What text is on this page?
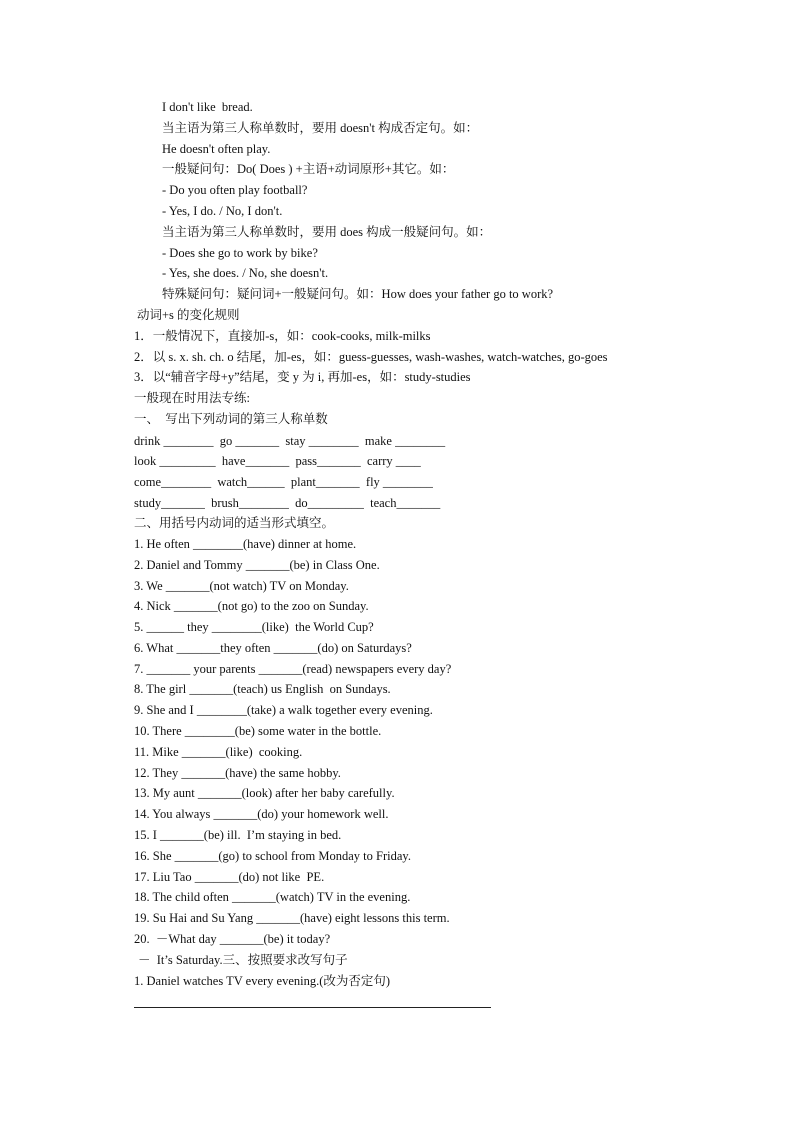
I don't like  bread.
当主语为第三人称单数时，要用 doesn't 构成否定句。如：
He doesn't often play.
一般疑问句：Do( Does ) +主语+动词原形+其它。如：
- Do you often play football?
- Yes, I do. / No, I don't.
当主语为第三人称单数时，要用 does 构成一般疑问句。如：
- Does she go to work by bike?
- Yes, she does. / No, she doesn't.
特殊疑问句：疑问词+一般疑问句。如：How does your father go to work?
动词+s 的变化规则
1．一般情况下，直接加-s，如：cook-cooks, milk-milks
2．以 s. x. sh. ch. o 结尾，加-es，如：guess-guesses, wash-washes, watch-watches, go-goes
3．以“辅音字母+y”结尾，变 y 为 i, 再加-es，如：study-studies
一般现在时用法专练:
一、  写出下列动词的第三人称单数
drink ________  go _______  stay ________  make ________
look _________  have_______  pass_______  carry ____
come________  watch______  plant_______  fly ________
study_______  brush________  do_________  teach_______
二、用括号内动词的适当形式填空。
1. He often ________(have) dinner at home.
2. Daniel and Tommy _______(be) in Class One.
3. We _______(not watch) TV on Monday.
4. Nick _______(not go) to the zoo on Sunday.
5. ______ they ________(like)  the World Cup?
6. What _______they often _______(do) on Saturdays?
7. _______ your parents _______(read) newspapers every day?
8. The girl _______(teach) us English  on Sundays.
9. She and I ________(take) a walk together every evening.
10. There ________(be) some water in the bottle.
11. Mike _______(like)  cooking.
12. They _______(have) the same hobby.
13. My aunt _______(look) after her baby carefully.
14. You always _______(do) your homework well.
15. I _______(be) ill.  I’m staying in bed.
16. She _______(go) to school from Monday to Friday.
17. Liu Tao _______(do) not like  PE.
18. The child often _______(watch) TV in the evening.
19. Su Hai and Su Yang _______(have) eight lessons this term.
20.  －What day _______(be) it today?
－  It’s Saturday.三、按照要求改写句子
1. Daniel watches TV every evening.(改为否定句)
